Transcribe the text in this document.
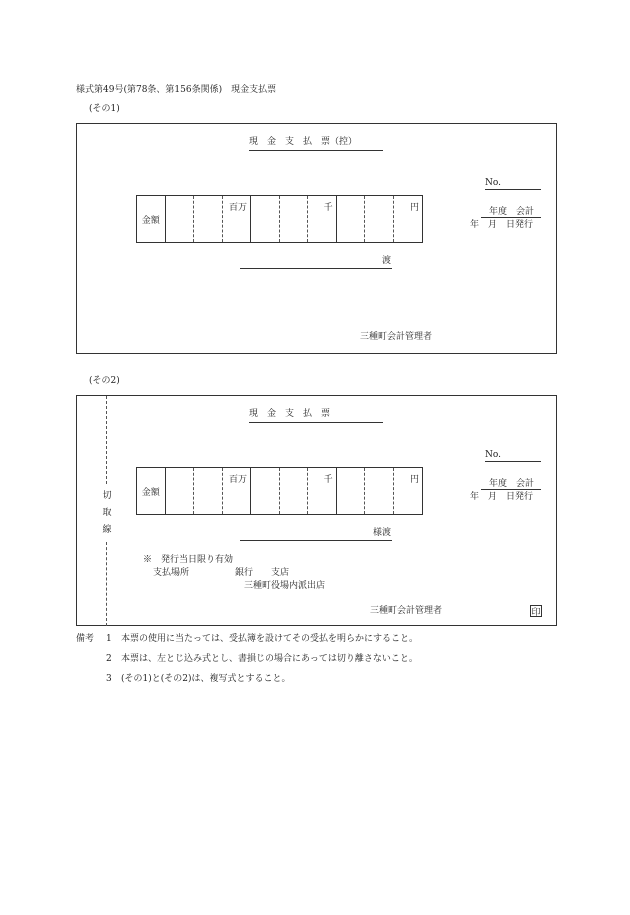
様式第49号(第78条、第156条関係)　現金支払票
(その1)
現　金　支　払　票（控）
No.
年度　会計
年　月　日発行
金額
百万	千	円
渡
三種町会計管理者
(その2)
切
取
線
現　金　支　払　票
No.
年度　会計
年　月　日発行
金額
百万	千	円
様渡
※　発行当日限り有効
支払場所	銀行 支店
三種町役場内派出店
三種町会計管理者	印
備考 1 本票の使用に当たっては、受払簿を設けてその受払を明らかにすること。
2 本票は、左とじ込み式とし、書損じの場合にあっては切り離さないこと。
3 (その1)と(その2)は、複写式とすること。
